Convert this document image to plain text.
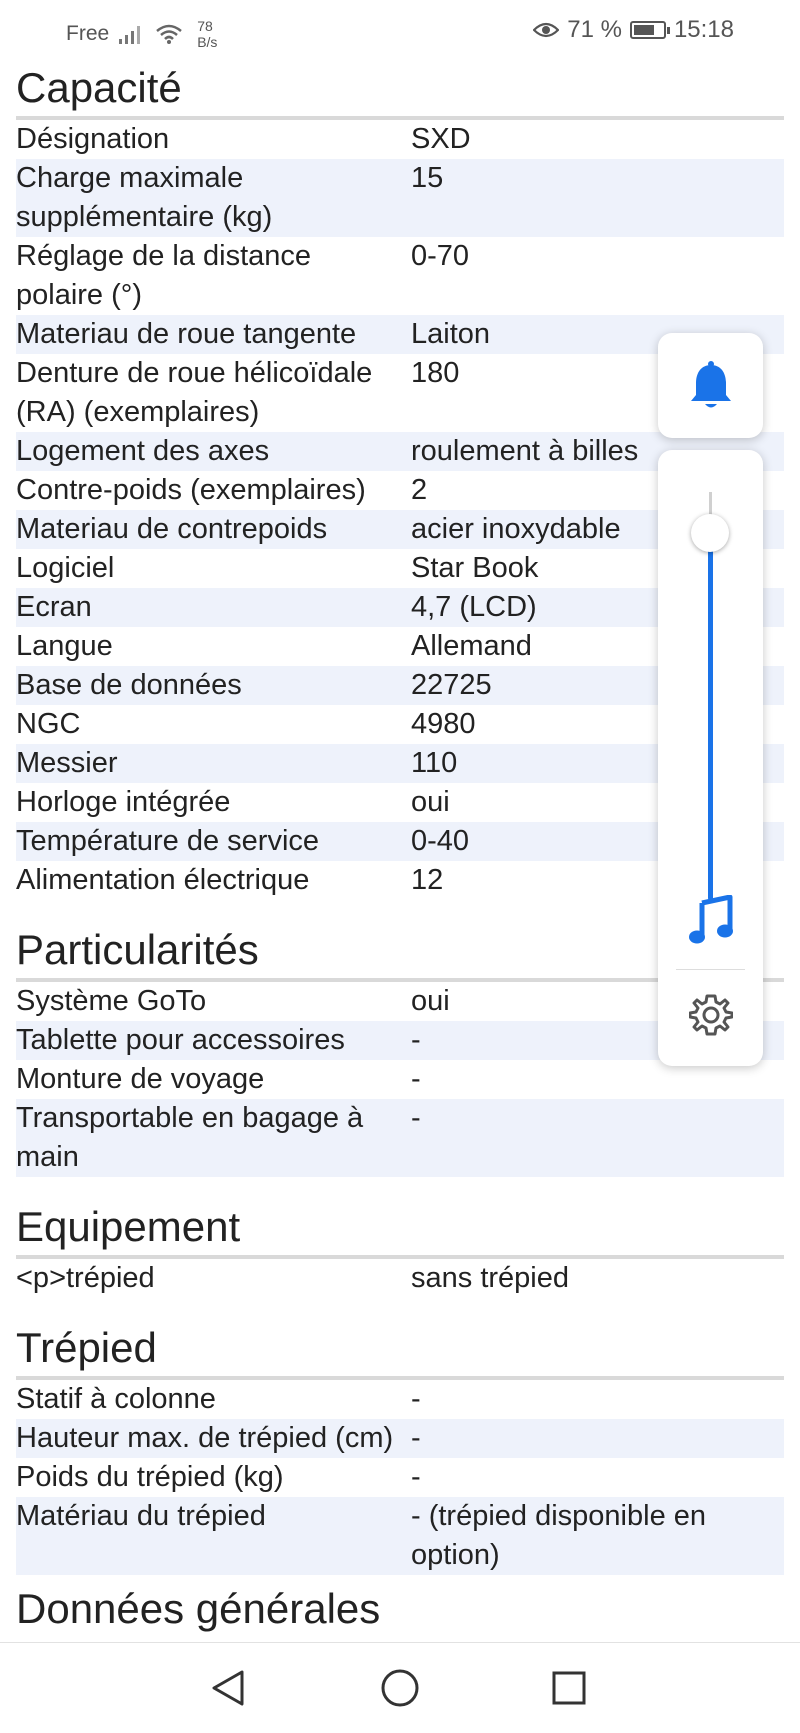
Free	78
B/s	71 % 15:18
Capacité
Désignation	SXD
Charge maximale supplémentaire (kg)	15
Réglage de la distance polaire (°)	0-70
Materiau de roue tangente	Laiton
Denture de roue hélicoïdale (RA) (exemplaires)	180
Logement des axes	roulement à billes
Contre-poids (exemplaires)	2
Materiau de contrepoids	acier inoxydable
Logiciel	Star Book
Ecran	4,7 (LCD)
Langue	Allemand
Base de données	22725
NGC	4980
Messier	110
Horloge intégrée	oui
Température de service	0-40
Alimentation électrique	12
Particularités
Système GoTo	oui
Tablette pour accessoires	-
Monture de voyage	-
Transportable en bagage à main	-
Equipement
<p>trépied	sans trépied
Trépied
Statif à colonne	-
Hauteur max. de trépied (cm)	-
Poids du trépied (kg)	-
Matériau du trépied	- (trépied disponible en option)
Données générales
